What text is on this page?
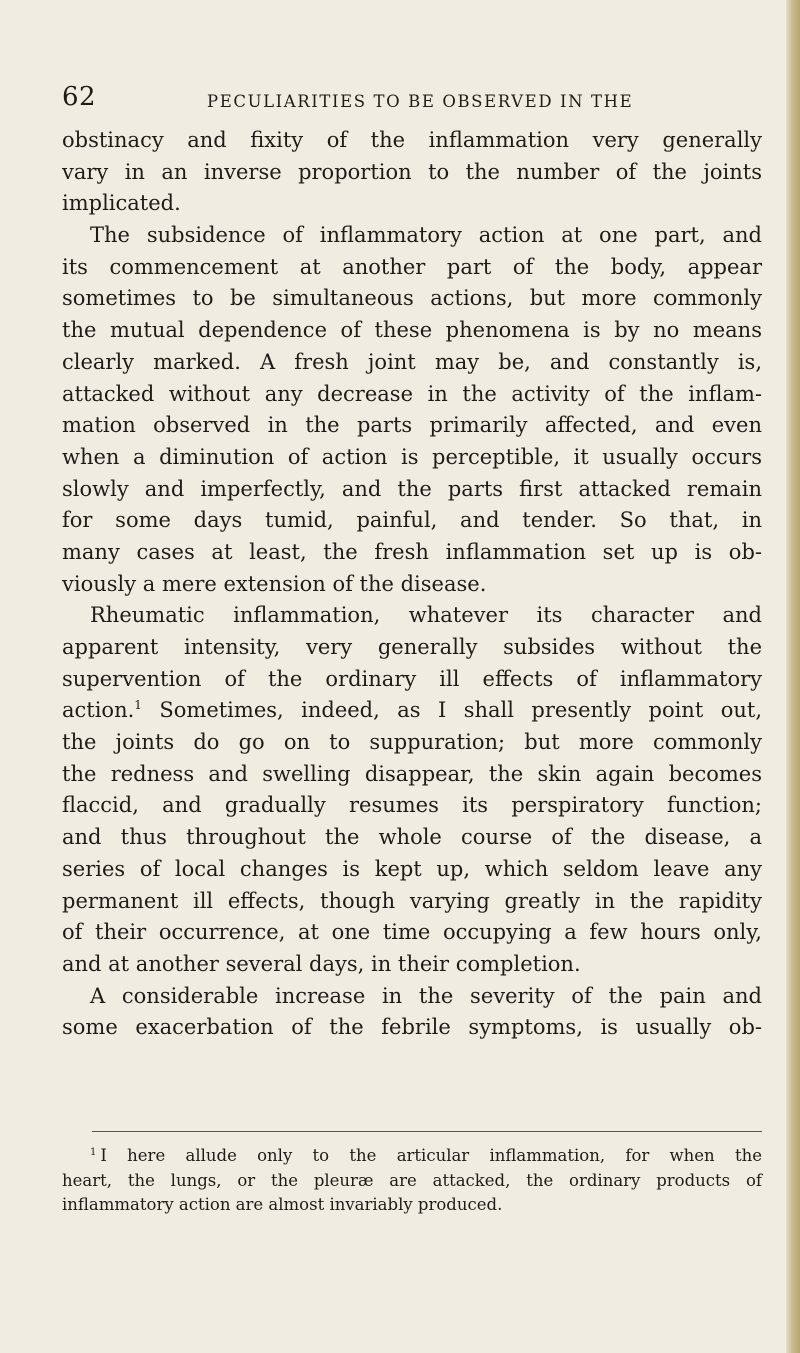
62	PECULIARITIES TO BE OBSERVED IN THE
obstinacy and fixity of the inflammation very generally
vary in an inverse proportion to the number of the joints
implicated.
The subsidence of inflammatory action at one part, and
its commencement at another part of the body, appear
sometimes to be simultaneous actions, but more commonly
the mutual dependence of these phenomena is by no means
clearly marked. A fresh joint may be, and constantly is,
attacked without any decrease in the activity of the inflam-
mation observed in the parts primarily affected, and even
when a diminution of action is perceptible, it usually occurs
slowly and imperfectly, and the parts first attacked remain
for some days tumid, painful, and tender. So that, in
many cases at least, the fresh inflammation set up is ob-
viously a mere extension of the disease.
Rheumatic inflammation, whatever its character and
apparent intensity, very generally subsides without the
supervention of the ordinary ill effects of inflammatory
action.$^1$ Sometimes, indeed, as I shall presently point out,
the joints do go on to suppuration; but more commonly
the redness and swelling disappear, the skin again becomes
flaccid, and gradually resumes its perspiratory function;
and thus throughout the whole course of the disease, a
series of local changes is kept up, which seldom leave any
permanent ill effects, though varying greatly in the rapidity
of their occurrence, at one time occupying a few hours only,
and at another several days, in their completion.
A considerable increase in the severity of the pain and
some exacerbation of the febrile symptoms, is usually ob-
$^1$ I here allude only to the articular inflammation, for when the
heart, the lungs, or the pleuræ are attacked, the ordinary products of
inflammatory action are almost invariably produced.
